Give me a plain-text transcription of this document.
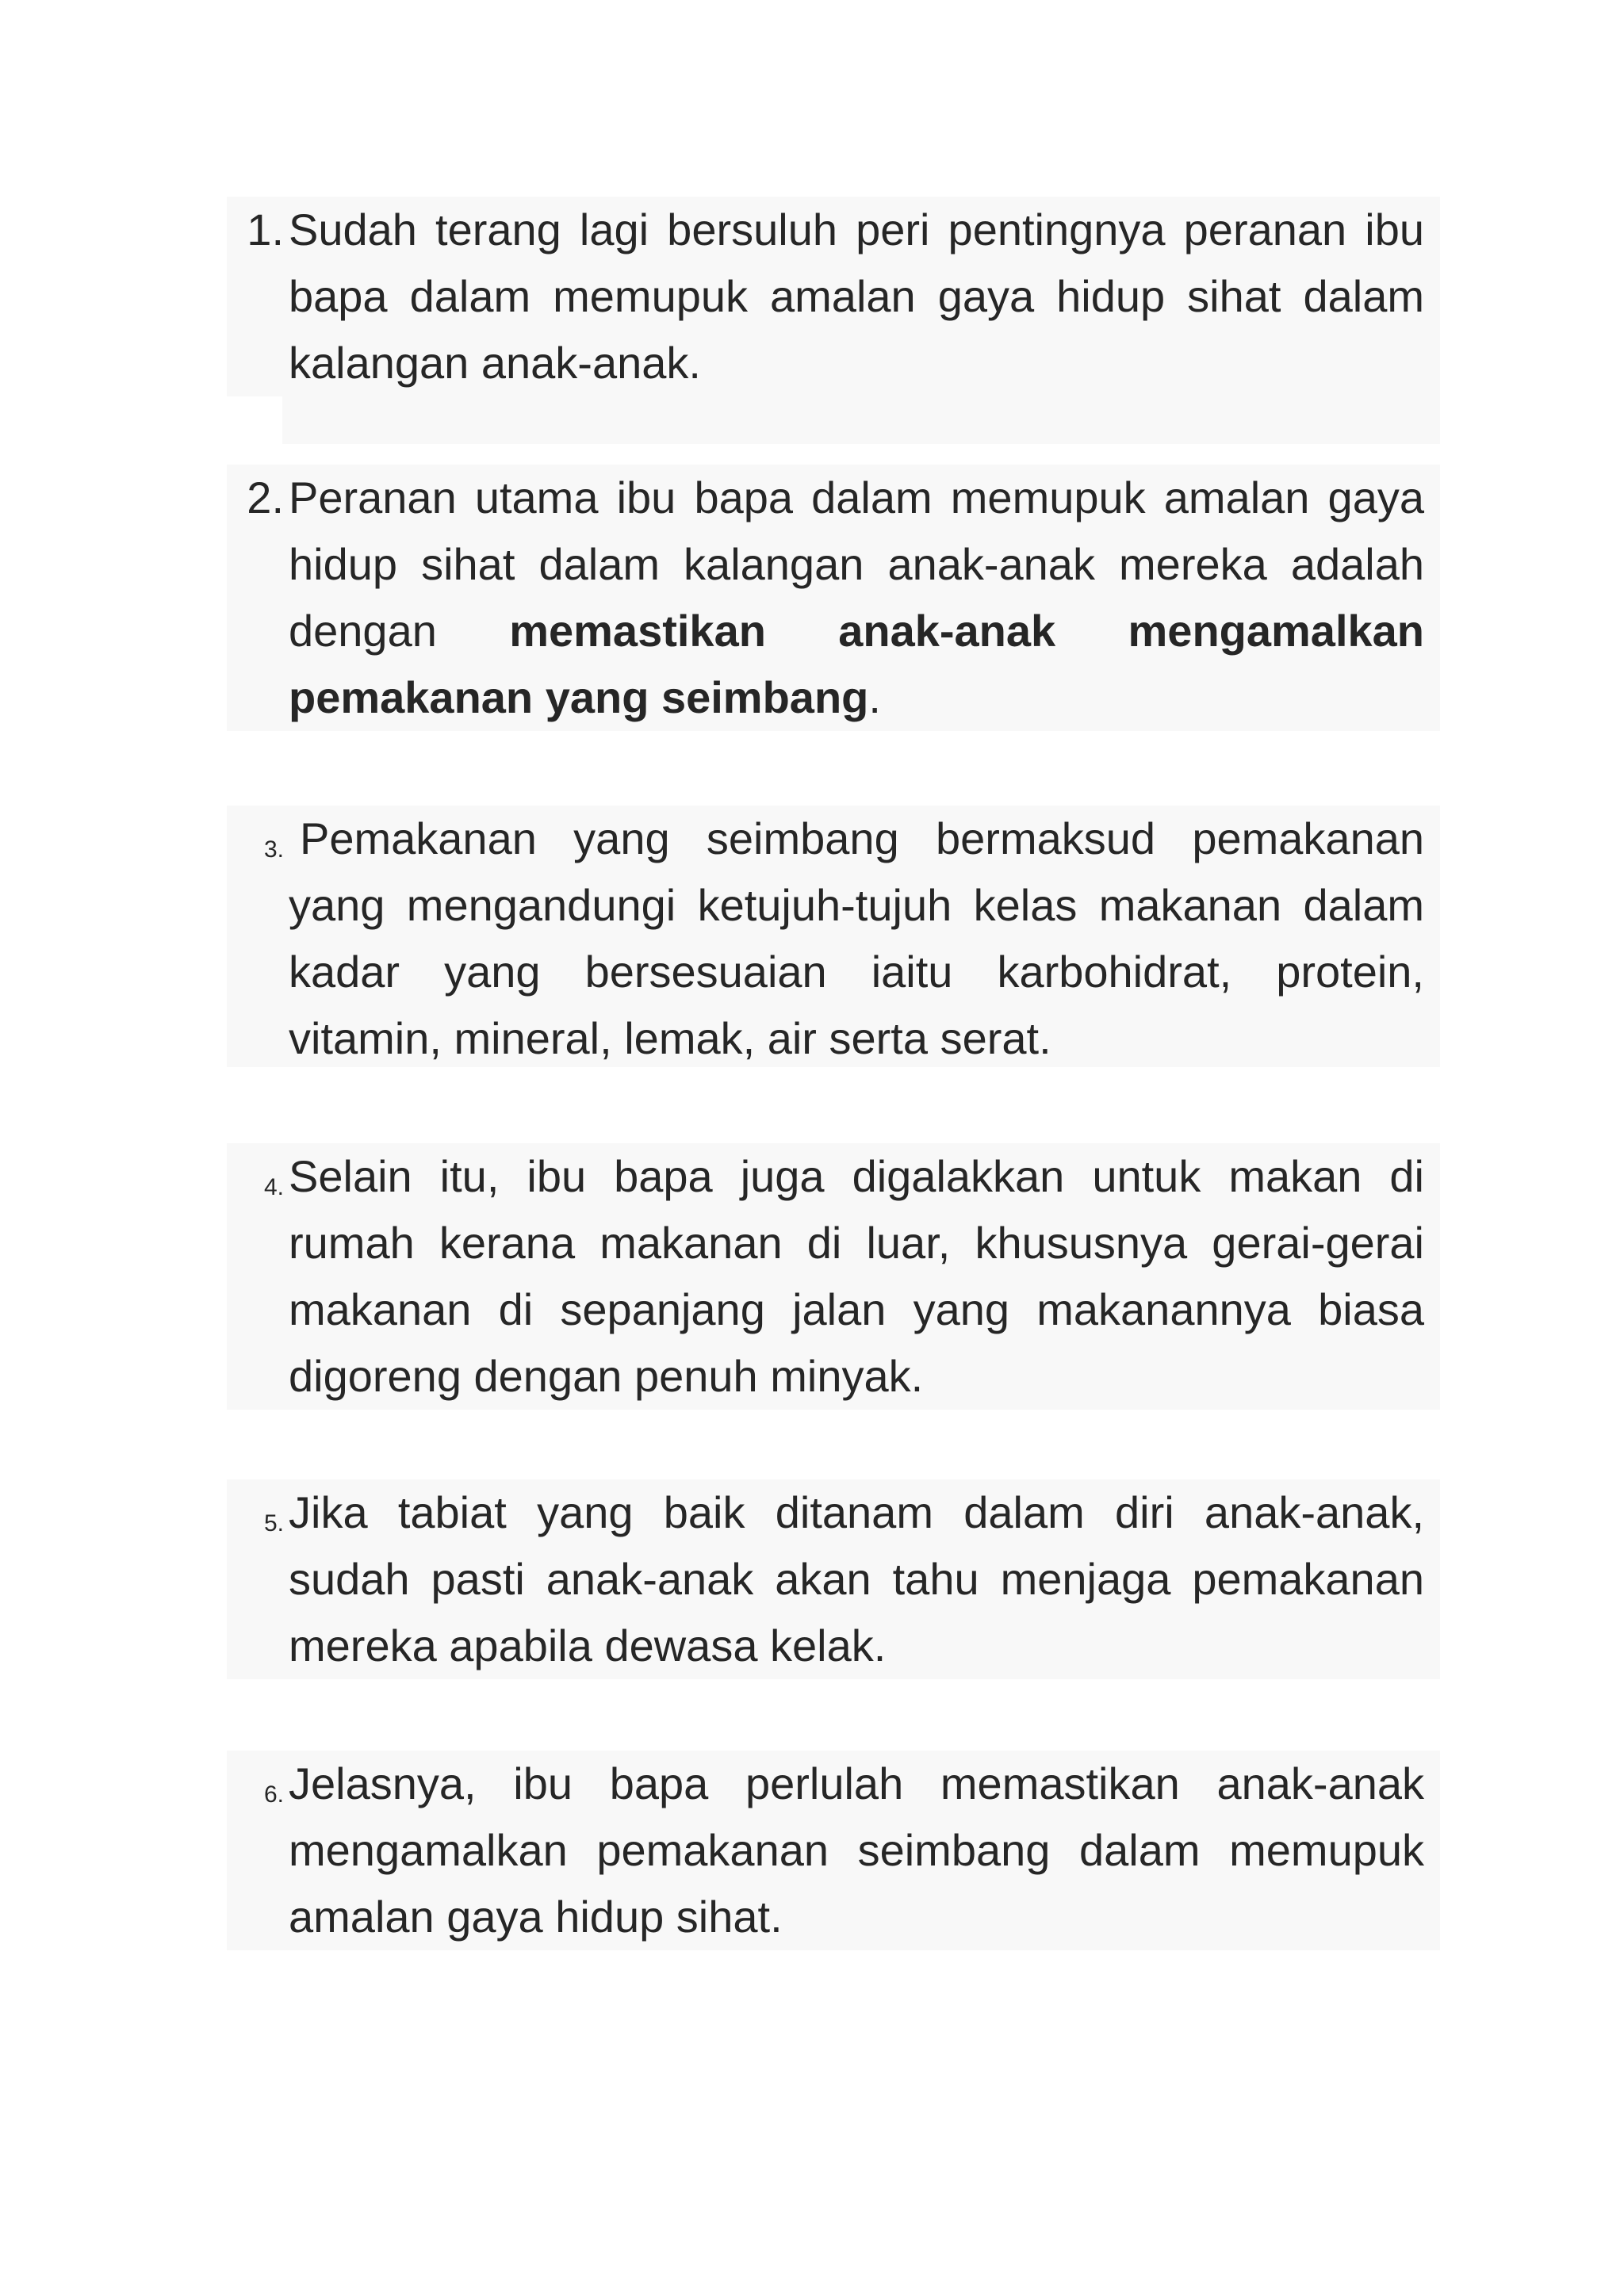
1. Sudah terang lagi bersuluh peri pentingnya peranan ibu bapa dalam memupuk amalan gaya hidup sihat dalam kalangan anak-anak.
2. Peranan utama ibu bapa dalam memupuk amalan gaya hidup sihat dalam kalangan anak-anak mereka adalah dengan memastikan anak-anak mengamalkan pemakanan yang seimbang.
3. Pemakanan yang seimbang bermaksud pemakanan yang mengandungi ketujuh-tujuh kelas makanan dalam kadar yang bersesuaian iaitu karbohidrat, protein, vitamin, mineral, lemak, air serta serat.
4. Selain itu, ibu bapa juga digalakkan untuk makan di rumah kerana makanan di luar, khususnya gerai-gerai makanan di sepanjang jalan yang makanannya biasa digoreng dengan penuh minyak.
5. Jika tabiat yang baik ditanam dalam diri anak-anak, sudah pasti anak-anak akan tahu menjaga pemakanan mereka apabila dewasa kelak.
6. Jelasnya, ibu bapa perlulah memastikan anak-anak mengamalkan pemakanan seimbang dalam memupuk amalan gaya hidup sihat.
